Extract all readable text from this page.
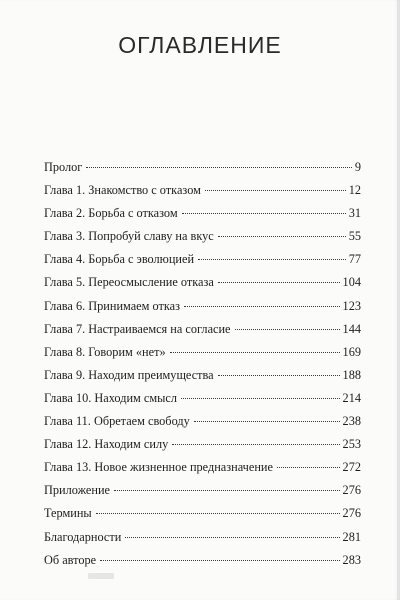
ОГЛАВЛЕНИЕ
Пролог	9
Глава 1. Знакомство с отказом	12
Глава 2. Борьба с отказом	31
Глава 3. Попробуй славу на вкус	55
Глава 4. Борьба с эволюцией	77
Глава 5. Переосмысление отказа	104
Глава 6. Принимаем отказ	123
Глава 7. Настраиваемся на согласие	144
Глава 8. Говорим «нет»	169
Глава 9. Находим преимущества	188
Глава 10. Находим смысл	214
Глава 11. Обретаем свободу	238
Глава 12. Находим силу	253
Глава 13. Новое жизненное предназначение	272
Приложение	276
Термины	276
Благодарности	281
Об авторе	283
